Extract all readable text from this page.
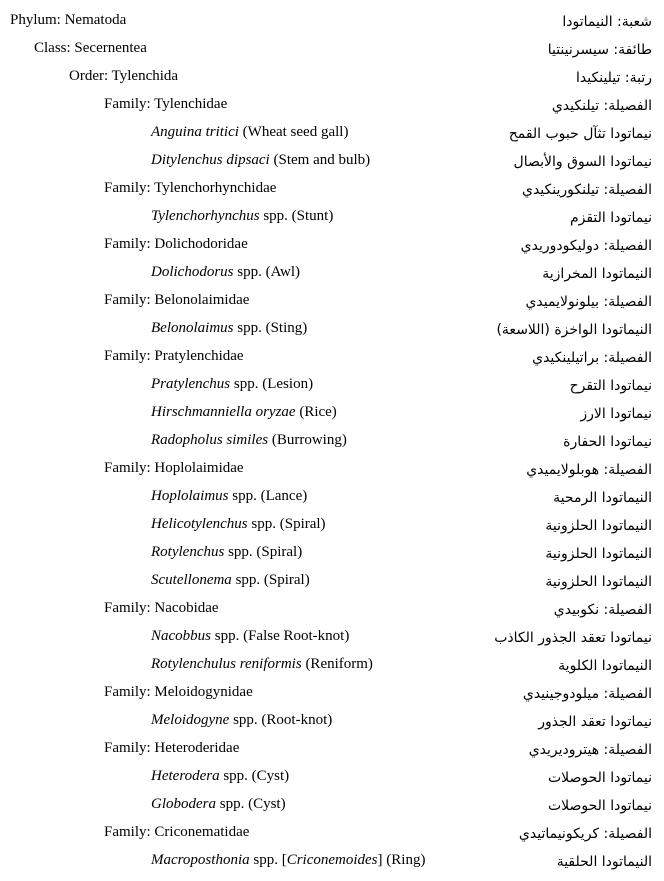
Phylum: Nematoda	شعبة: النيماتودا
Class: Secernentea	طائفة: سيسرنينتيا
Order: Tylenchida	رتبة: تيلينكيدا
Family: Tylenchidae	الفصيلة: تيلنكيدي
Anguina tritici (Wheat seed gall)	نيماتودا تثآل حبوب القمح
Ditylenchus dipsaci (Stem and bulb)	نيماتودا السوق والأبصال
Family: Tylenchorhynchidae	الفصيلة: تيلنكورينكيدي
Tylenchorhynchus spp. (Stunt)	نيماتودا التقزم
Family: Dolichodoridae	الفصيلة: دوليكودوريدي
Dolichodorus spp. (Awl)	النيماتودا المخرازية
Family: Belonolaimidae	الفصيلة: بيلونولايميدي
Belonolaimus spp. (Sting)	النيماتودا الواخزة (اللاسعة)
Family: Pratylenchidae	الفصيلة: براتيلينكيدي
Pratylenchus spp. (Lesion)	نيماتودا التقرح
Hirschmanniella oryzae (Rice)	نيماتودا الارز
Radopholus similes (Burrowing)	نيماتودا الحفارة
Family: Hoplolaimidae	الفصيلة: هوبلولايميدي
Hoplolaimus spp. (Lance)	النيماتودا الرمحية
Helicotylenchus spp. (Spiral)	النيماتودا الحلزونية
Rotylenchus spp. (Spiral)	النيماتودا الحلزونية
Scutellonema spp. (Spiral)	النيماتودا الحلزونية
Family: Nacobidae	الفصيلة: نكوبيدي
Nacobbus spp. (False Root-knot)	نيماتودا تعقد الجذور الكاذب
Rotylenchulus reniformis (Reniform)	النيماتودا الكلوية
Family: Meloidogynidae	الفصيلة: ميلودوجينيدي
Meloidogyne spp. (Root-knot)	نيماتودا تعقد الجذور
Family: Heteroderidae	الفصيلة: هيتروديريدي
Heterodera spp. (Cyst)	نيماتودا الحوصلات
Globodera spp. (Cyst)	نيماتودا الحوصلات
Family: Criconematidae	الفصيلة: كريكونيماتيدي
Macroposthonia spp. [Criconemoides] (Ring)	النيماتودا الحلقية
